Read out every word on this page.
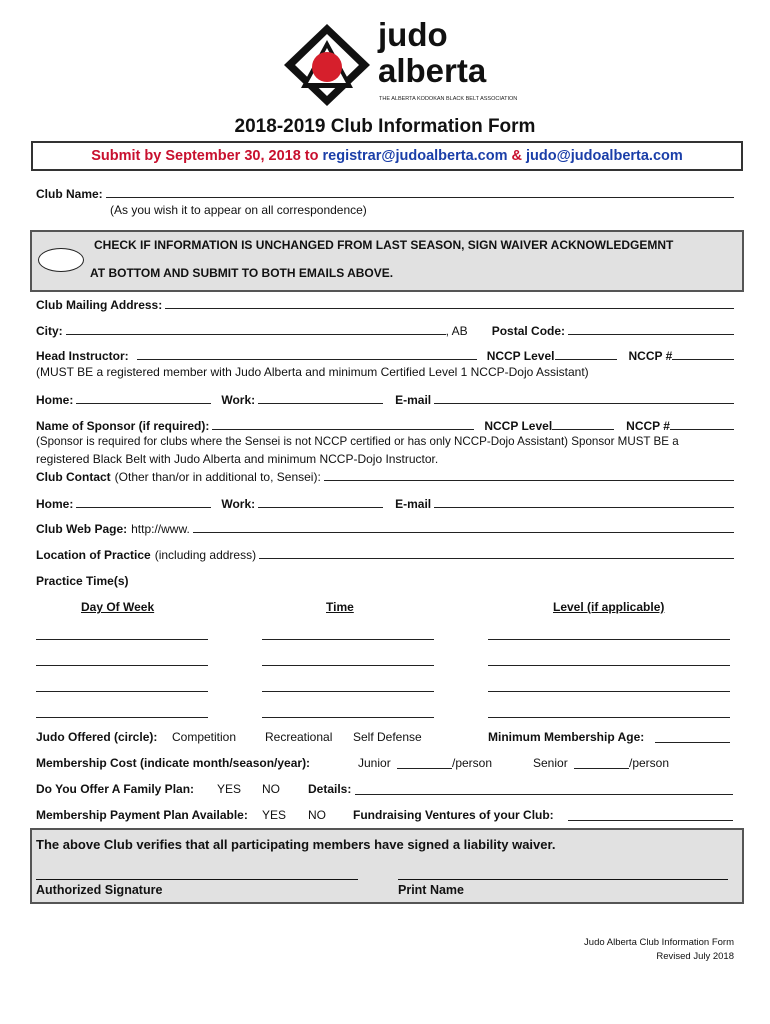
judo
alberta
THE ALBERTA KODOKAN BLACK BELT ASSOCIATION
2018-2019 Club Information Form
Submit by September 30, 2018 to registrar@judoalberta.com & judo@judoalberta.com
Club Name:
(As you wish it to appear on all correspondence)
CHECK IF INFORMATION IS UNCHANGED FROM LAST SEASON, SIGN WAIVER ACKNOWLEDGEMNT
AT BOTTOM AND SUBMIT TO BOTH EMAILS ABOVE.
Club Mailing Address:
City:	, AB Postal Code:
Head Instructor:	NCCP Level	NCCP #
(MUST BE a registered member with Judo Alberta and minimum Certified Level 1 NCCP-Dojo Assistant)
Home:	Work:	E-mail
Name of Sponsor (if required):	NCCP Level	NCCP #
(Sponsor is required for clubs where the Sensei is not NCCP certified or has only NCCP-Dojo Assistant) Sponsor MUST BE a
registered Black Belt with Judo Alberta and minimum NCCP-Dojo Instructor.
Club Contact (Other than/or in additional to, Sensei):
Home:	Work:	E-mail
Club Web Page: http://www.
Location of Practice (including address)
Practice Time(s)
Day Of Week	Time	Level (if applicable)
Judo Offered (circle): Competition Recreational Self Defense	Minimum Membership Age:
Membership Cost (indicate month/season/year):	Junior	/person	Senior	/person
Do You Offer A Family Plan: YES NO Details:
Membership Payment Plan Available: YES NO Fundraising Ventures of your Club:
The above Club verifies that all participating members have signed a liability waiver.
Authorized Signature	Print Name
Judo Alberta Club Information Form
Revised July 2018
